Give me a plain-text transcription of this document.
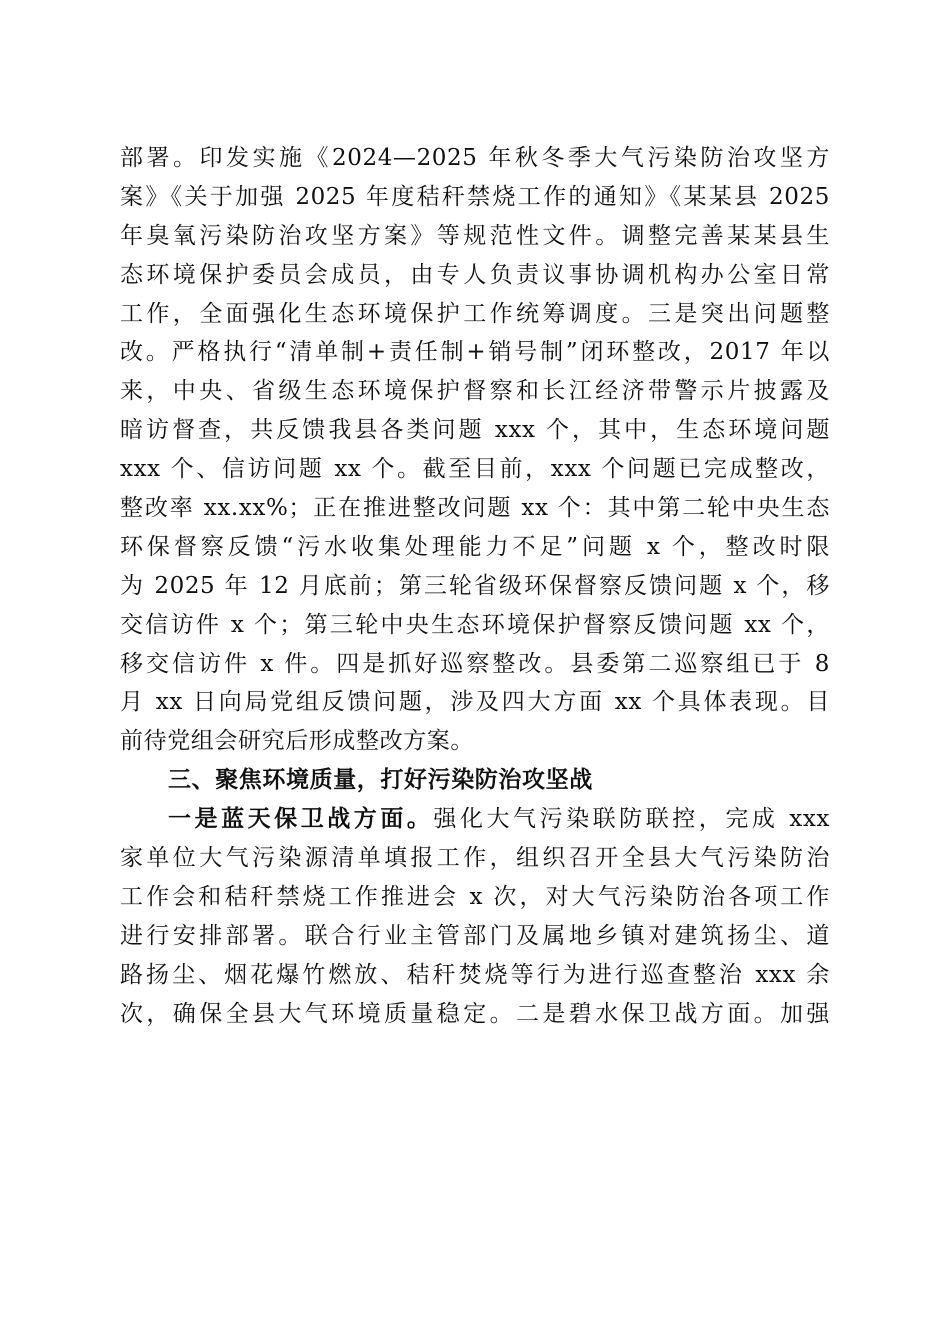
部署。印发实施《2024—2025 年秋冬季大气污染防治攻坚方
案》《关于加强 2025 年度秸秆禁烧工作的通知》《某某县 2025
年臭氧污染防治攻坚方案》等规范性文件。调整完善某某县生
态环境保护委员会成员，由专人负责议事协调机构办公室日常
工作，全面强化生态环境保护工作统筹调度。三是突出问题整
改。严格执行“清单制+责任制+销号制”闭环整改，2017 年以
来，中央、省级生态环境保护督察和长江经济带警示片披露及
暗访督查，共反馈我县各类问题 xxx 个，其中，生态环境问题
xxx 个、信访问题 xx 个。截至目前，xxx 个问题已完成整改，
整改率 xx.xx%；正在推进整改问题 xx 个：其中第二轮中央生态
环保督察反馈“污水收集处理能力不足”问题 x 个，整改时限
为 2025 年 12 月底前；第三轮省级环保督察反馈问题 x 个，移
交信访件 x 个；第三轮中央生态环境保护督察反馈问题 xx 个，
移交信访件 x 件。四是抓好巡察整改。县委第二巡察组已于 8
月 xx 日向局党组反馈问题，涉及四大方面 xx 个具体表现。目
前待党组会研究后形成整改方案。
三、聚焦环境质量，打好污染防治攻坚战
一是蓝天保卫战方面。强化大气污染联防联控，完成 xxx
家单位大气污染源清单填报工作，组织召开全县大气污染防治
工作会和秸秆禁烧工作推进会 x 次，对大气污染防治各项工作
进行安排部署。联合行业主管部门及属地乡镇对建筑扬尘、道
路扬尘、烟花爆竹燃放、秸秆焚烧等行为进行巡查整治 xxx 余
次，确保全县大气环境质量稳定。二是碧水保卫战方面。加强
